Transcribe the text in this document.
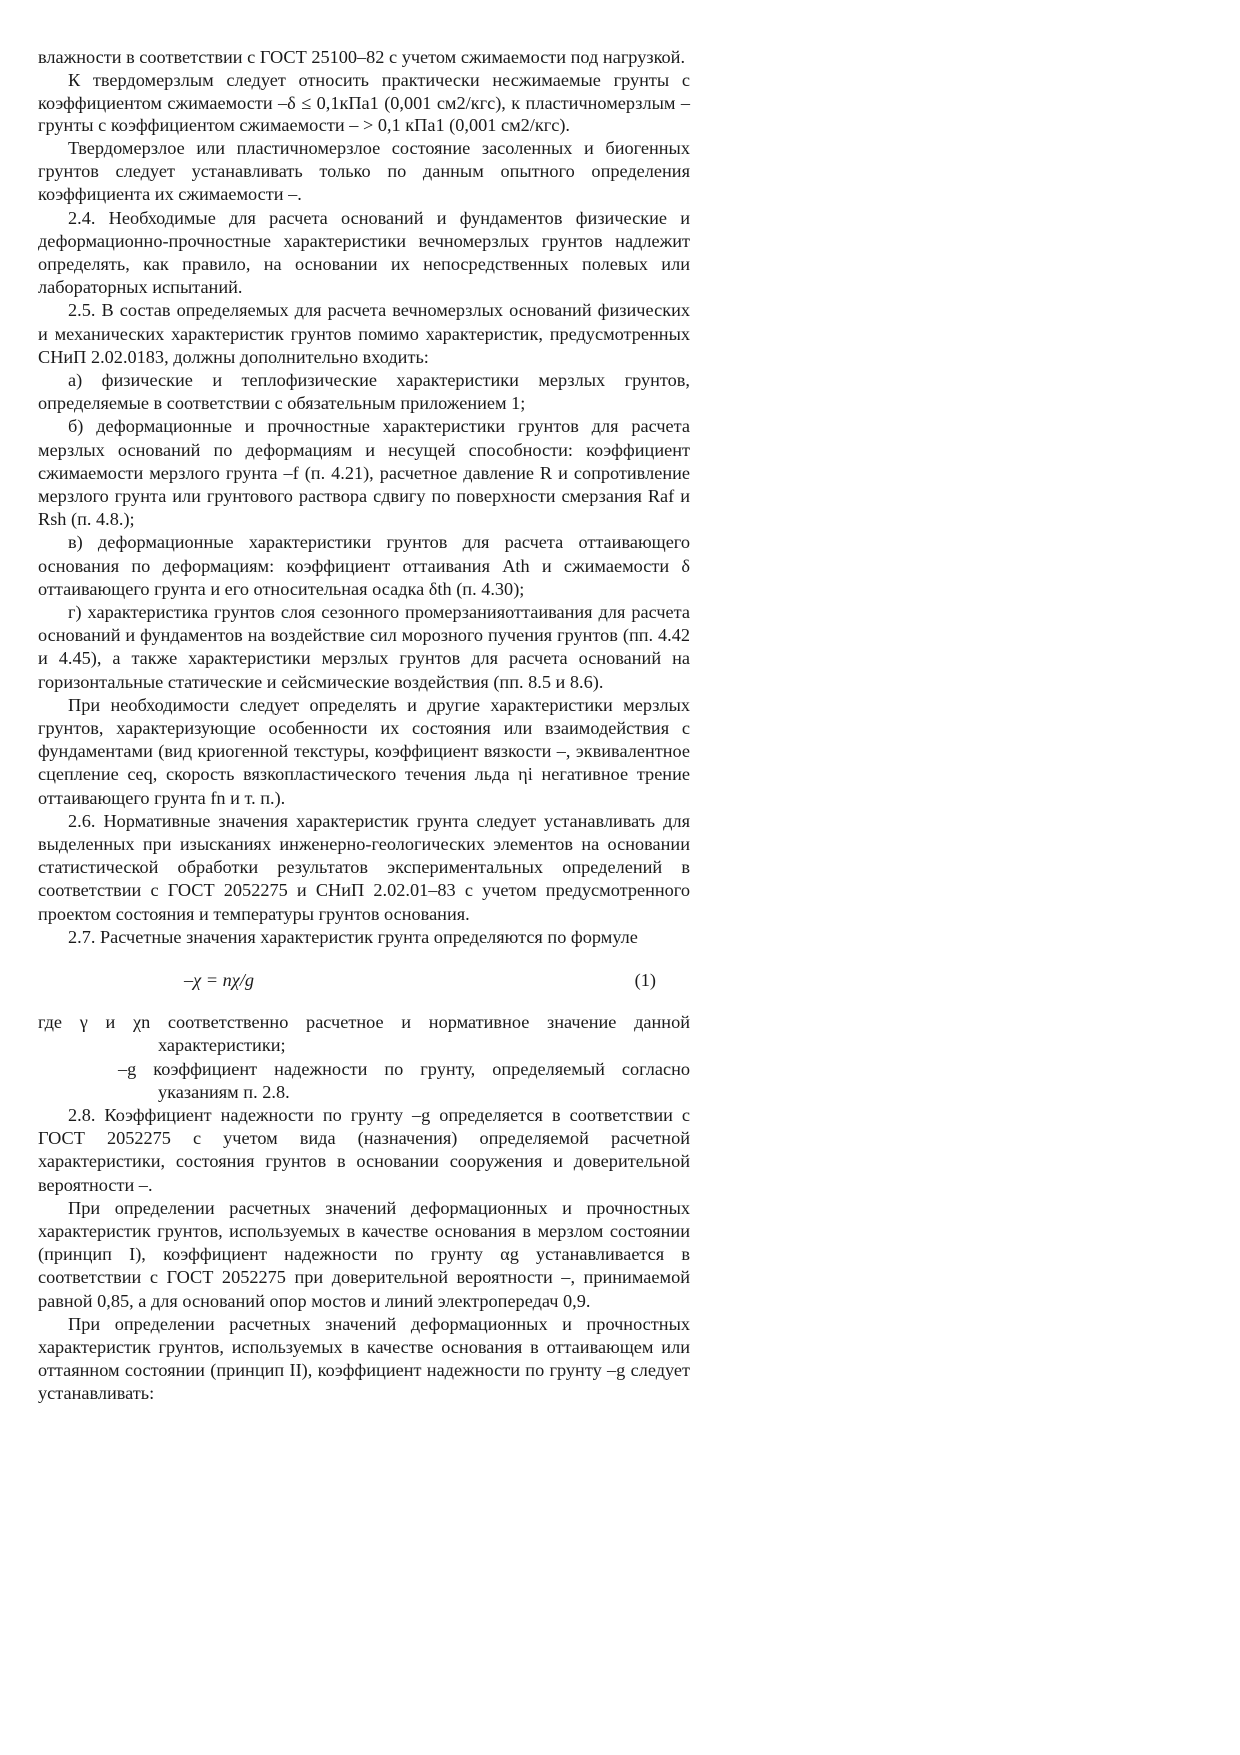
влажности в соответствии с ГОСТ 25100–82 с учетом сжимаемости под нагрузкой.

К твердомерзлым следует относить практически несжимаемые грунты с коэффициентом сжимаемости –δ ≤ 0,1кПа1 (0,001 см2/кгс), к пластичномерзлым – грунты с коэффициентом сжимаемости – > 0,1 кПа1 (0,001 см2/кгс).

Твердомерзлое или пластичномерзлое состояние засоленных и биогенных грунтов следует устанавливать только по данным опытного определения коэффициента их сжимаемости –.

2.4. Необходимые для расчета оснований и фундаментов физические и деформационно-прочностные характеристики вечномерзлых грунтов надлежит определять, как правило, на основании их непосредственных полевых или лабораторных испытаний.

2.5. В состав определяемых для расчета вечномерзлых оснований физических и механических характеристик грунтов помимо характеристик, предусмотренных СНиП 2.02.0183, должны дополнительно входить:

а) физические и теплофизические характеристики мерзлых грунтов, определяемые в соответствии с обязательным приложением 1;

б) деформационные и прочностные характеристики грунтов для расчета мерзлых оснований по деформациям и несущей способности: коэффициент сжимаемости мерзлого грунта –f (п. 4.21), расчетное давление R и сопротивление мерзлого грунта или грунтового раствора сдвигу по поверхности смерзания Raf и Rsh (п. 4.8.);

в) деформационные характеристики грунтов для расчета оттаивающего основания по деформациям: коэффициент оттаивания Ath и сжимаемости δ оттаивающего грунта и его относительная осадка δth (п. 4.30);

г) характеристика грунтов слоя сезонного промерзанияоттаивания для расчета оснований и фундаментов на воздействие сил морозного пучения грунтов (пп. 4.42 и 4.45), а также характеристики мерзлых грунтов для расчета оснований на горизонтальные статические и сейсмические воздействия (пп. 8.5 и 8.6).

При необходимости следует определять и другие характеристики мерзлых грунтов, характеризующие особенности их состояния или взаимодействия с фундаментами (вид криогенной текстуры, коэффициент вязкости –, эквивалентное сцепление ceq, скорость вязкопластического течения льда ηi негативное трение оттаивающего грунта fn и т. п.).

2.6. Нормативные значения характеристик грунта следует устанавливать для выделенных при изысканиях инженерно-геологических элементов на основании статистической обработки результатов экспериментальных определений в соответствии с ГОСТ 2052275 и СНиП 2.02.01–83 с учетом предусмотренного проектом состояния и температуры грунтов основания.

2.7. Расчетные значения характеристик грунта определяются по формуле

–χ = nχ/g	(1)

где γ и χn соответственно расчетное и нормативное значение данной характеристики;

–g коэффициент надежности по грунту, определяемый согласно указаниям п. 2.8.

2.8. Коэффициент надежности по грунту –g определяется в соответствии с ГОСТ 2052275 с учетом вида (назначения) определяемой расчетной характеристики, состояния грунтов в основании сооружения и доверительной вероятности –.

При определении расчетных значений деформационных и прочностных характеристик грунтов, используемых в качестве основания в мерзлом состоянии (принцип I), коэффициент надежности по грунту αg устанавливается в соответствии с ГОСТ 2052275 при доверительной вероятности –, принимаемой равной 0,85, а для оснований опор мостов и линий электропередач 0,9.

При определении расчетных значений деформационных и прочностных характеристик грунтов, используемых в качестве основания в оттаивающем или оттаянном состоянии (принцип II), коэффициент надежности по грунту –g следует устанавливать:
